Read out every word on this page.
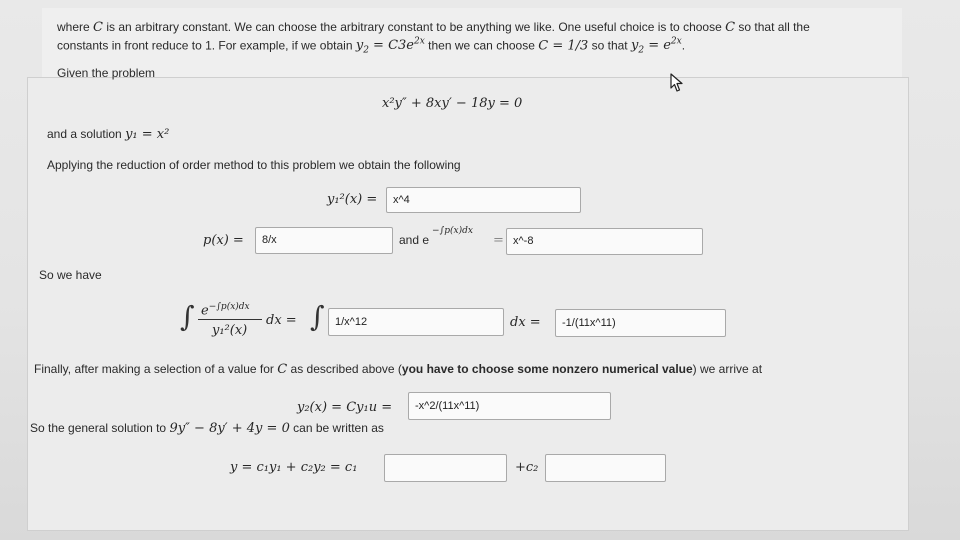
where C is an arbitrary constant. We can choose the arbitrary constant to be anything we like. One useful choice is to choose C so that all the
constants in front reduce to 1. For example, if we obtain $y_2 = C3e^{2x}$ then we can choose C = 1/3 so that $y_2 = e^{2x}$.
Given the problem
x²y″ + 8xy′ − 18y = 0
and a solution y₁ = x²
Applying the reduction of order method to this problem we obtain the following
y₁²(x) =	x^4
p(x) =	8/x	and e
−∫p(x)dx
= x^-8
So we have
∫ $e^{-\int p(x)dx}$
y₁²(x)
dx = ∫ 1/x^12	dx =	-1/(11x^11)
Finally, after making a selection of a value for C as described above (you have to choose some nonzero numerical value) we arrive at
y₂(x) = Cy₁u =	-x^2/(11x^11)
So the general solution to 9y″ − 8y′ + 4y = 0 can be written as
y = c₁y₁ + c₂y₂ = c₁	+c₂
